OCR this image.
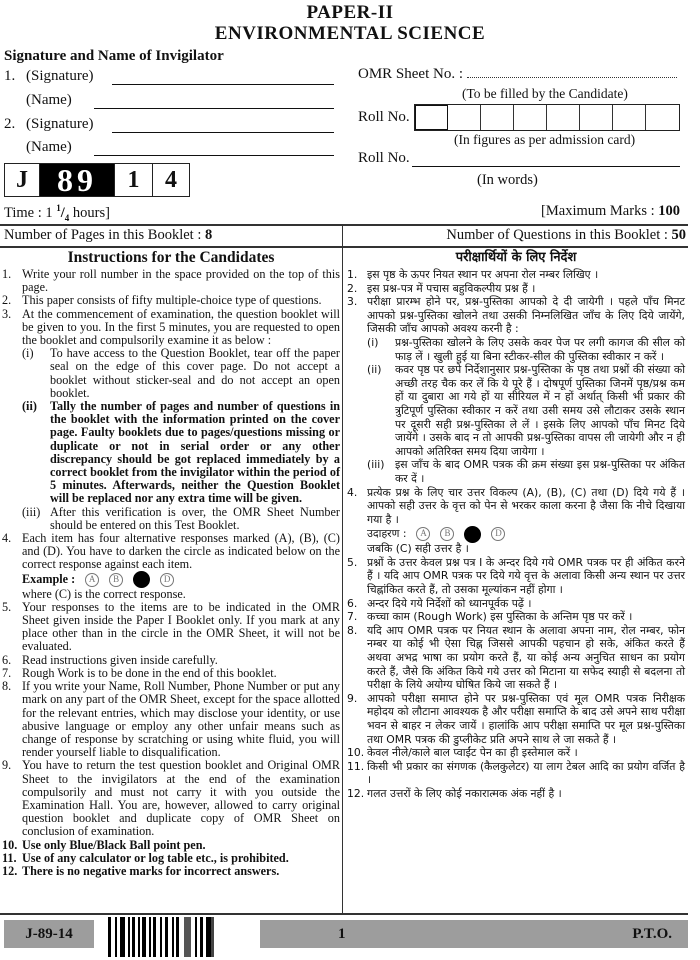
PAPER-II
ENVIRONMENTAL SCIENCE
Signature and Name of Invigilator
1. (Signature)
(Name)
2. (Signature)
(Name)
J 89	1	4
OMR Sheet No. :
(To be filled by the Candidate)
Roll No.
(In figures as per admission card)
Roll No.
(In words)
Time : 1 $^1/_4$ hours]	[Maximum Marks : 100
Number of Pages in this Booklet : 8	Number of Questions in this Booklet : 50
Instructions for the Candidates
1. Write your roll number in the space provided on the top of this page.
2. This paper consists of fifty multiple-choice type of questions.
3. At the commencement of examination, the question booklet will be given to you. In the first 5 minutes, you are requested to open the booklet and compulsorily examine it as below :
(i)	To have access to the Question Booklet, tear off the paper seal on the edge of this cover page. Do not accept a booklet without sticker-seal and do not accept an open booklet.
(ii)	Tally the number of pages and number of questions in the booklet with the information printed on the cover page. Faulty booklets due to pages/questions missing or duplicate or not in serial order or any other discrepancy should be got replaced immediately by a correct booklet from the invigilator within the period of 5 minutes. Afterwards, neither the Question Booklet will be replaced nor any extra time will be given.
(iii) After this verification is over, the OMR Sheet Number should be entered on this Test Booklet.
4. Each item has four alternative responses marked (A), (B), (C) and (D). You have to darken the circle as indicated below on the correct response against each item.
Example :	A	B	D
where (C) is the correct response.
5. Your responses to the items are to be indicated in the OMR Sheet given inside the Paper I Booklet only. If you mark at any place other than in the circle in the OMR Sheet, it will not be evaluated.
6. Read instructions given inside carefully.
7. Rough Work is to be done in the end of this booklet.
8. If you write your Name, Roll Number, Phone Number or put any mark on any part of the OMR Sheet, except for the space allotted for the relevant entries, which may disclose your identity, or use abusive language or employ any other unfair means such as change of response by scratching or using white fluid, you will render yourself liable to disqualification.
9. You have to return the test question booklet and Original OMR Sheet to the invigilators at the end of the examination compulsorily and must not carry it with you outside the Examination Hall. You are, however, allowed to carry original question booklet and duplicate copy of OMR Sheet on conclusion of examination.
10. Use only Blue/Black Ball point pen.
11. Use of any calculator or log table etc., is prohibited.
12. There is no negative marks for incorrect answers.
परीक्षार्थियों के लिए निर्देश
1. इस पृष्ठ के ऊपर नियत स्थान पर अपना रोल नम्बर लिखिए ।
2. इस प्रश्न-पत्र में पचास बहुविकल्पीय प्रश्न हैं ।
3. परीक्षा प्रारम्भ होने पर, प्रश्न-पुस्तिका आपको दे दी जायेगी । पहले पाँच मिनट आपको प्रश्न-पुस्तिका खोलने तथा उसकी निम्नलिखित जाँच के लिए दिये जायेंगे, जिसकी जाँच आपको अवश्य करनी है :
(i)	प्रश्न-पुस्तिका खोलने के लिए उसके कवर पेज पर लगी कागज की सील को फाड़ लें । खुली हुई या बिना स्टीकर-सील की पुस्तिका स्वीकार न करें ।
(ii)	कवर पृष्ठ पर छपे निर्देशानुसार प्रश्न-पुस्तिका के पृष्ठ तथा प्रश्नों की संख्या को अच्छी तरह चैक कर लें कि ये पूरे हैं । दोषपूर्ण पुस्तिका जिनमें पृष्ठ/प्रश्न कम हों या दुबारा आ गये हों या सीरियल में न हों अर्थात् किसी भी प्रकार की त्रुटिपूर्ण पुस्तिका स्वीकार न करें तथा उसी समय उसे लौटाकर उसके स्थान पर दूसरी सही प्रश्न-पुस्तिका ले लें । इसके लिए आपको पाँच मिनट दिये जायेंगे । उसके बाद न तो आपकी प्रश्न-पुस्तिका वापस ली जायेगी और न ही आपको अतिरिक्त समय दिया जायेगा ।
(iii) इस जाँच के बाद OMR पत्रक की क्रम संख्या इस प्रश्न-पुस्तिका पर अंकित कर दें ।
4. प्रत्येक प्रश्न के लिए चार उत्तर विकल्प (A), (B), (C) तथा (D) दिये गये हैं । आपको सही उत्तर के वृत्त को पेन से भरकर काला करना है जैसा कि नीचे दिखाया गया है ।
उदाहरण :	A	B	D
जबकि (C) सही उत्तर है ।
5. प्रश्नों के उत्तर केवल प्रश्न पत्र I के अन्दर दिये गये OMR पत्रक पर ही अंकित करने हैं । यदि आप OMR पत्रक पर दिये गये वृत्त के अलावा किसी अन्य स्थान पर उत्तर चिह्नांकित करते हैं, तो उसका मूल्यांकन नहीं होगा ।
6. अन्दर दिये गये निर्देशों को ध्यानपूर्वक पढ़ें ।
7. कच्चा काम (Rough Work) इस पुस्तिका के अन्तिम पृष्ठ पर करें ।
8. यदि आप OMR पत्रक पर नियत स्थान के अलावा अपना नाम, रोल नम्बर, फोन नम्बर या कोई भी ऐसा चिह्न जिससे आपकी पहचान हो सके, अंकित करते हैं अथवा अभद्र भाषा का प्रयोग करते हैं, या कोई अन्य अनुचित साधन का प्रयोग करते हैं, जैसे कि अंकित किये गये उत्तर को मिटाना या सफेद स्याही से बदलना तो परीक्षा के लिये अयोग्य घोषित किये जा सकते हैं ।
9. आपको परीक्षा समाप्त होने पर प्रश्न-पुस्तिका एवं मूल OMR पत्रक निरीक्षक महोदय को लौटाना आवश्यक है और परीक्षा समाप्ति के बाद उसे अपने साथ परीक्षा भवन से बाहर न लेकर जायें । हालांकि आप परीक्षा समाप्ति पर मूल प्रश्न-पुस्तिका तथा OMR पत्रक की डुप्लीकेट प्रति अपने साथ ले जा सकते हैं ।
10. केवल नीले/काले बाल प्वाईंट पेन का ही इस्तेमाल करें ।
11. किसी भी प्रकार का संगणक (कैलकुलेटर) या लाग टेबल आदि का प्रयोग वर्जित है ।
12. गलत उत्तरों के लिए कोई नकारात्मक अंक नहीं है ।
J-89-14	1	P.T.O.
